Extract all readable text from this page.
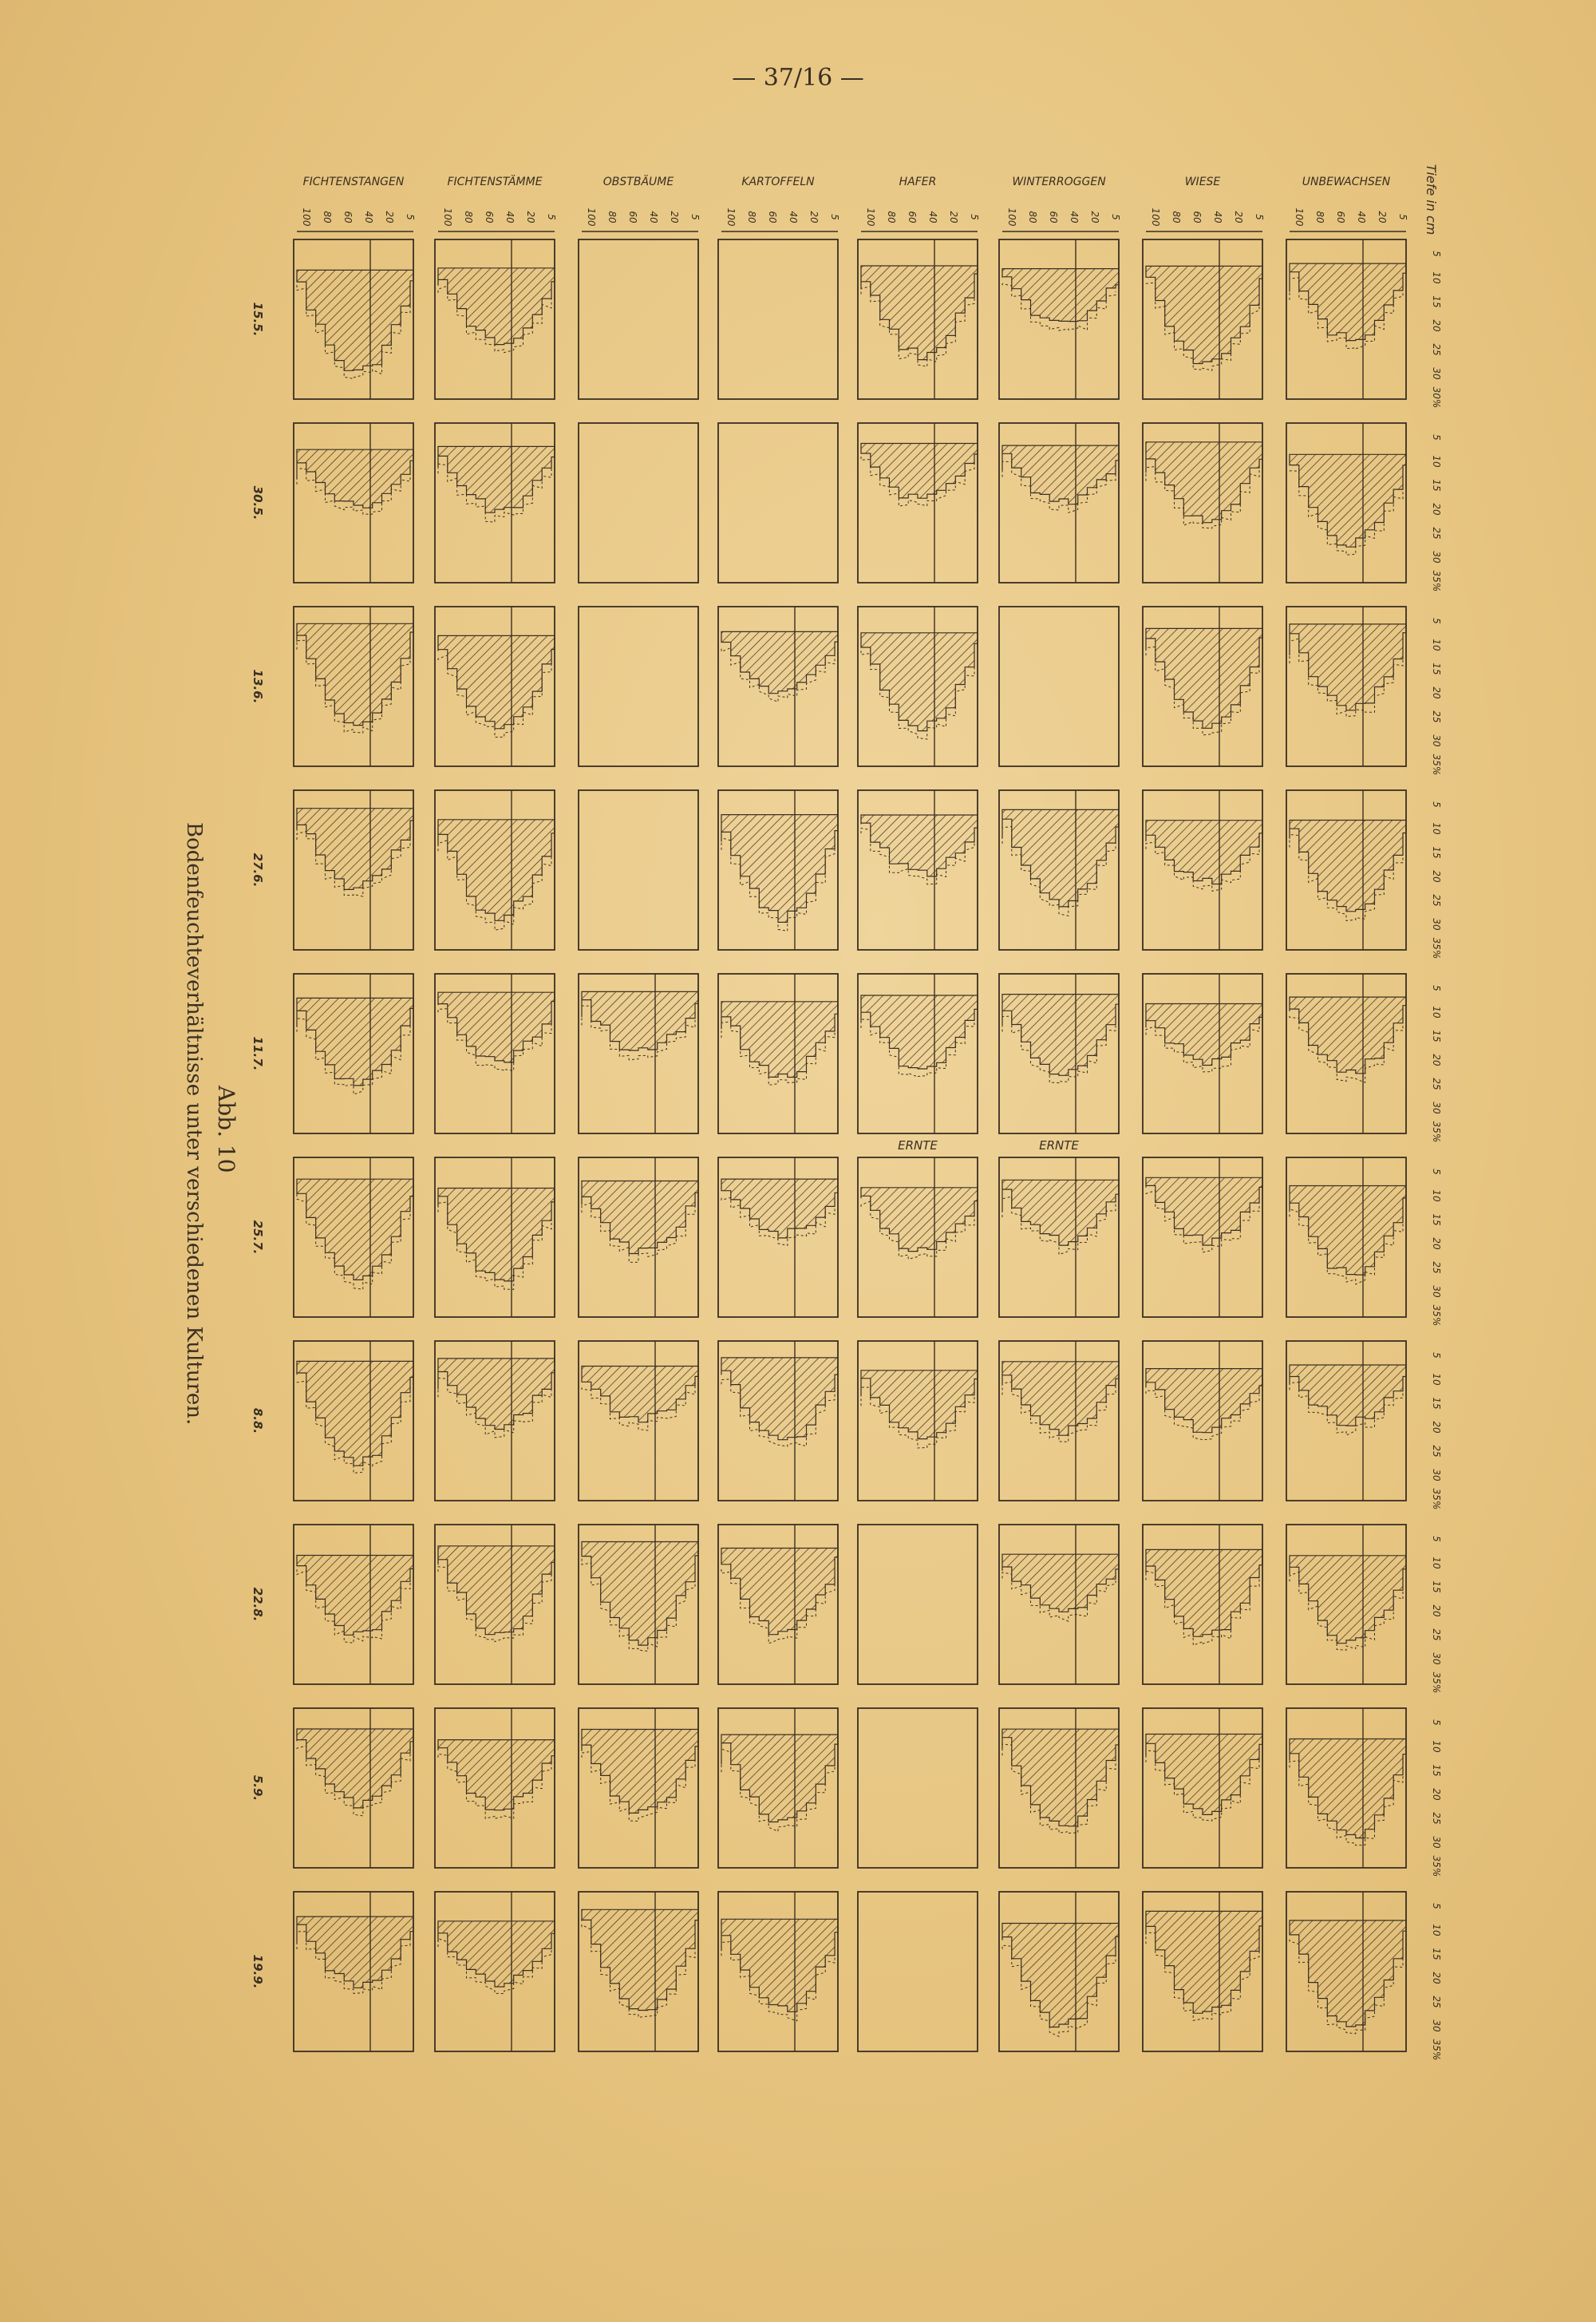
— 37/16 —
FICHTENSTANGEN	FICHTENSTÄMME	OBSTBÄUME	KARTOFFELN	HAFER	WINTERROGGEN	WIESE	UNBEWACHSEN	Tiefe in cm
5
20
40
60
80
100	5
20
40
60
80
100	5
20
40
60
80
100	5
20
40
60
80
100	5
20
40
60
80
100	5
20
40
60
80
100	5
20
40
60
80
100	5
20
40
60
80
100
15.5.
5
10
15
20
25
30
30%
30.5.
5
10
15
20
25
30
35%
13.6.
5
10
15
20
25
30
35%
27.6.
5
10
15
20
25
30
35%
11.7.
5
10
15
20
25
30
35%
25.7.
5
10
15
20
25
30
35%
8.8.
5
10
15
20
25
30
35%
22.8.
5
10
15
20
25
30
35%
5.9.
5
10
15
20
25
30
35%
19.9.
5
10
15
20
25
30
35%
ERNTE	ERNTE
Abb. 10
Bodenfeuchteverhältnisse unter verschiedenen Kulturen.
